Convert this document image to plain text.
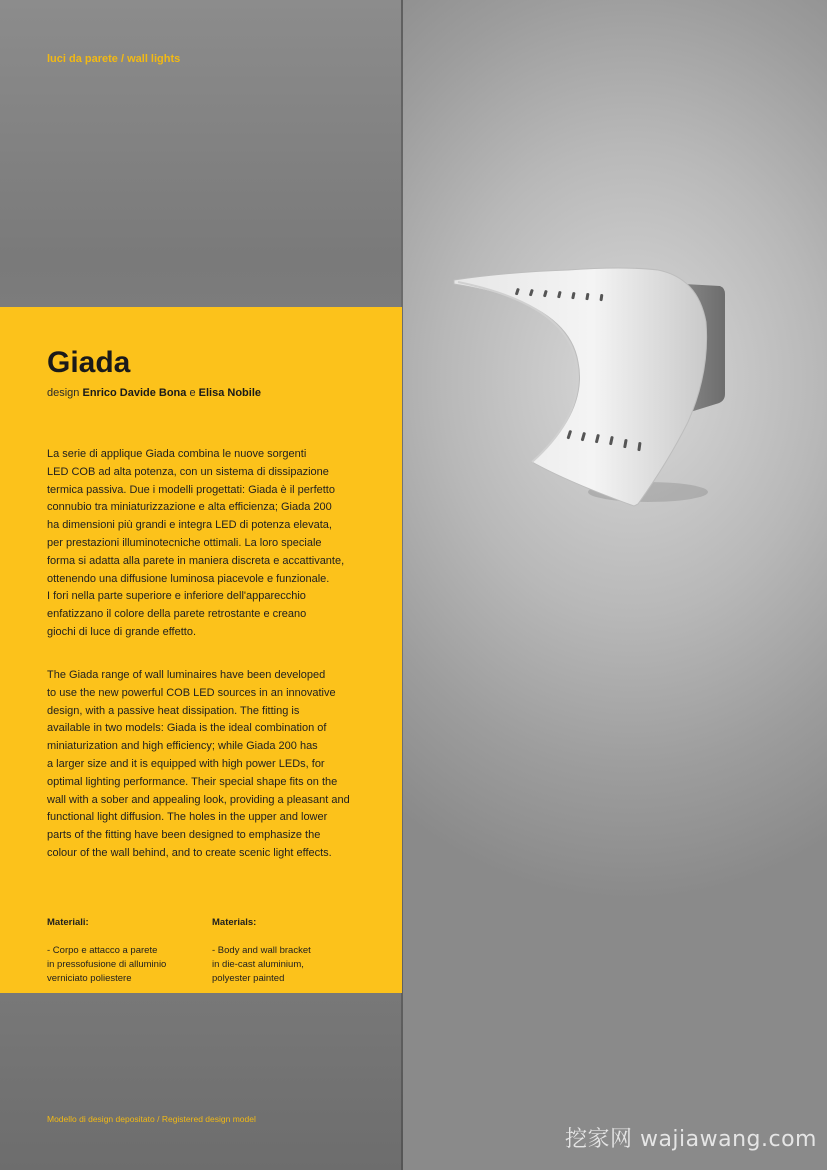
luci da parete / wall lights
Giada
design Enrico Davide Bona e Elisa Nobile

La serie di applique Giada combina le nuove sorgenti
LED COB ad alta potenza, con un sistema di dissipazione
termica passiva. Due i modelli progettati: Giada è il perfetto
connubio tra miniaturizzazione e alta efficienza; Giada 200
ha dimensioni più grandi e integra LED di potenza elevata,
per prestazioni illuminotecniche ottimali. La loro speciale
forma si adatta alla parete in maniera discreta e accattivante,
ottenendo una diffusione luminosa piacevole e funzionale.
I fori nella parte superiore e inferiore dell'apparecchio
enfatizzano il colore della parete retrostante e creano
giochi di luce di grande effetto.

The Giada range of wall luminaires have been developed
to use the new powerful COB LED sources in an innovative
design, with a passive heat dissipation. The fitting is
available in two models: Giada is the ideal combination of
miniaturization and high efficiency; while Giada 200 has
a larger size and it is equipped with high power LEDs, for
optimal lighting performance. Their special shape fits on the
wall with a sober and appealing look, providing a pleasant and
functional light diffusion. The holes in the upper and lower
parts of the fitting have been designed to emphasize the
colour of the wall behind, and to create scenic light effects.

Materiali:

- Corpo e attacco a parete
in pressofusione di alluminio
verniciato poliestere

Materials:

- Body and wall bracket
in die-cast aluminium,
polyester painted

Modello di design depositato / Registered design model
挖家网 wajiawang.com
